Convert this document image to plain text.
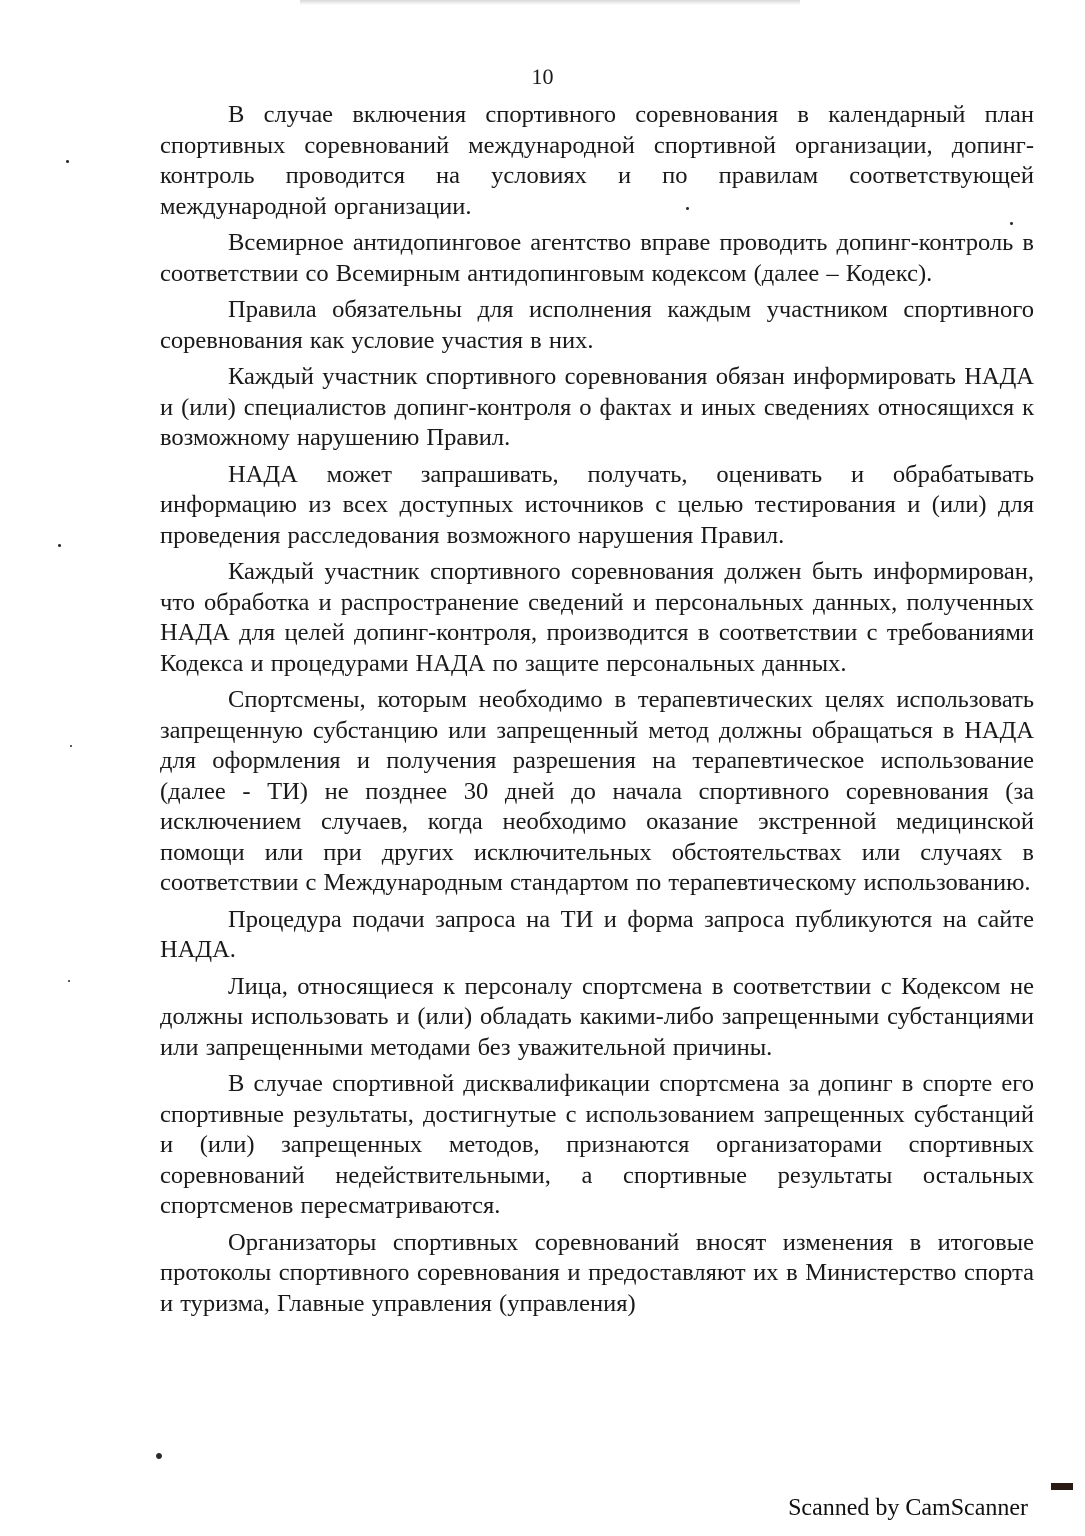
10

В случае включения спортивного соревнования в календарный план спортивных соревнований международной спортивной организации, допинг-контроль проводится на условиях и по правилам соответствующей международной организации.

Всемирное антидопинговое агентство вправе проводить допинг-контроль в соответствии со Всемирным антидопинговым кодексом (далее – Кодекс).

Правила обязательны для исполнения каждым участником спортивного соревнования как условие участия в них.

Каждый участник спортивного соревнования обязан информировать НАДА и (или) специалистов допинг-контроля о фактах и иных сведениях относящихся к возможному нарушению Правил.

НАДА может запрашивать, получать, оценивать и обрабатывать информацию из всех доступных источников с целью тестирования и (или) для проведения расследования возможного нарушения Правил.

Каждый участник спортивного соревнования должен быть информирован, что обработка и распространение сведений и персональных данных, полученных НАДА для целей допинг-контроля, производится в соответствии с требованиями Кодекса и процедурами НАДА по защите персональных данных.

Спортсмены, которым необходимо в терапевтических целях использовать запрещенную субстанцию или запрещенный метод должны обращаться в НАДА для оформления и получения разрешения на терапевтическое использование (далее - ТИ) не позднее 30 дней до начала спортивного соревнования (за исключением случаев, когда необходимо оказание экстренной медицинской помощи или при других исключительных обстоятельствах или случаях в соответствии с Международным стандартом по терапевтическому использованию.

Процедура подачи запроса на ТИ и форма запроса публикуются на сайте НАДА.

Лица, относящиеся к персоналу спортсмена в соответствии с Кодексом не должны использовать и (или) обладать какими-либо запрещенными субстанциями или запрещенными методами без уважительной причины.

В случае спортивной дисквалификации спортсмена за допинг в спорте его спортивные результаты, достигнутые с использованием запрещенных субстанций и (или) запрещенных методов, признаются организаторами спортивных соревнований недействительными, а спортивные результаты остальных спортсменов пересматриваются.

Организаторы спортивных соревнований вносят изменения в итоговые протоколы спортивного соревнования и предоставляют их в Министерство спорта и туризма, Главные управления (управления)

Scanned by CamScanner
